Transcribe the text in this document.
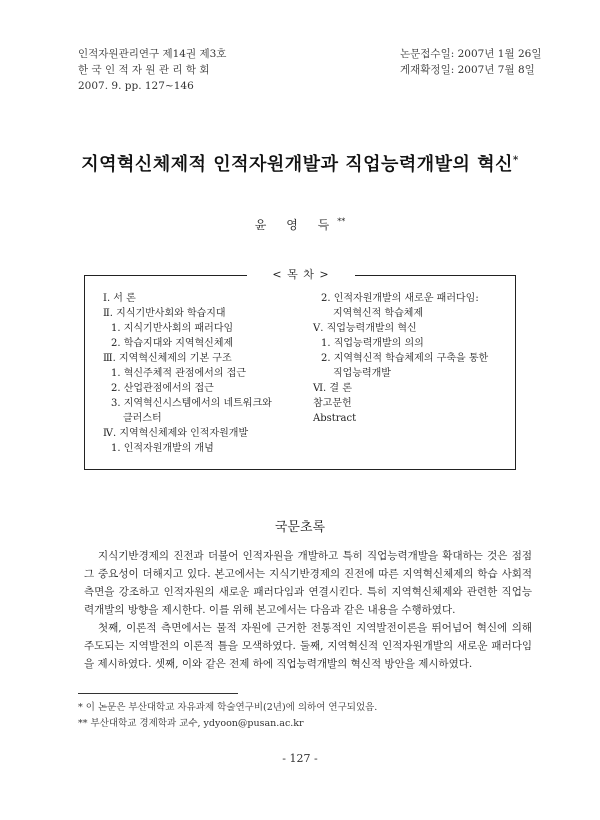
인적자원관리연구 제14권 제3호
한 국 인 적 자 원 관 리 학 회
2007. 9. pp. 127~146
논문접수일: 2007년 1월 26일
게재확정일: 2007년 7월 8일
지역혁신체제적 인적자원개발과 직업능력개발의 혁신*
윤 영 득**
< 목 차 >
Ⅰ. 서 론
Ⅱ. 지식기반사회와 학습지대
1. 지식기반사회의 패러다임
2. 학습지대와 지역혁신체제
Ⅲ. 지역혁신체제의 기본 구조
1. 혁신주체적 관점에서의 접근
2. 산업관점에서의 접근
3. 지역혁신시스템에서의 네트워크와
클러스터
Ⅳ. 지역혁신체제와 인적자원개발
1. 인적자원개발의 개념
2. 인적자원개발의 새로운 패러다임:
지역혁신적 학습체제
Ⅴ. 직업능력개발의 혁신
1. 직업능력개발의 의의
2. 지역혁신적 학습체제의 구축을 통한
직업능력개발
Ⅵ. 결 론
참고문헌
Abstract
국문초록

지식기반경제의 진전과 더불어 인적자원을 개발하고 특히 직업능력개발을 확대하는 것은 점점 그 중요성이 더해지고 있다. 본고에서는 지식기반경제의 진전에 따른 지역혁신체제의 학습 사회적 측면을 강조하고 인적자원의 새로운 패러다임과 연결시킨다. 특히 지역혁신체제와 관련한 직업능력개발의 방향을 제시한다. 이를 위해 본고에서는 다음과 같은 내용을 수행하였다.

첫째, 이론적 측면에서는 물적 자원에 근거한 전통적인 지역발전이론을 뛰어넘어 혁신에 의해 주도되는 지역발전의 이론적 틀을 모색하였다. 둘째, 지역혁신적 인적자원개발의 새로운 패러다임을 제시하였다. 셋째, 이와 같은 전제 하에 직업능력개발의 혁신적 방안을 제시하였다.

* 이 논문은 부산대학교 자유과제 학술연구비(2년)에 의하여 연구되었음.
** 부산대학교 경제학과 교수, ydyoon@pusan.ac.kr
- 127 -
